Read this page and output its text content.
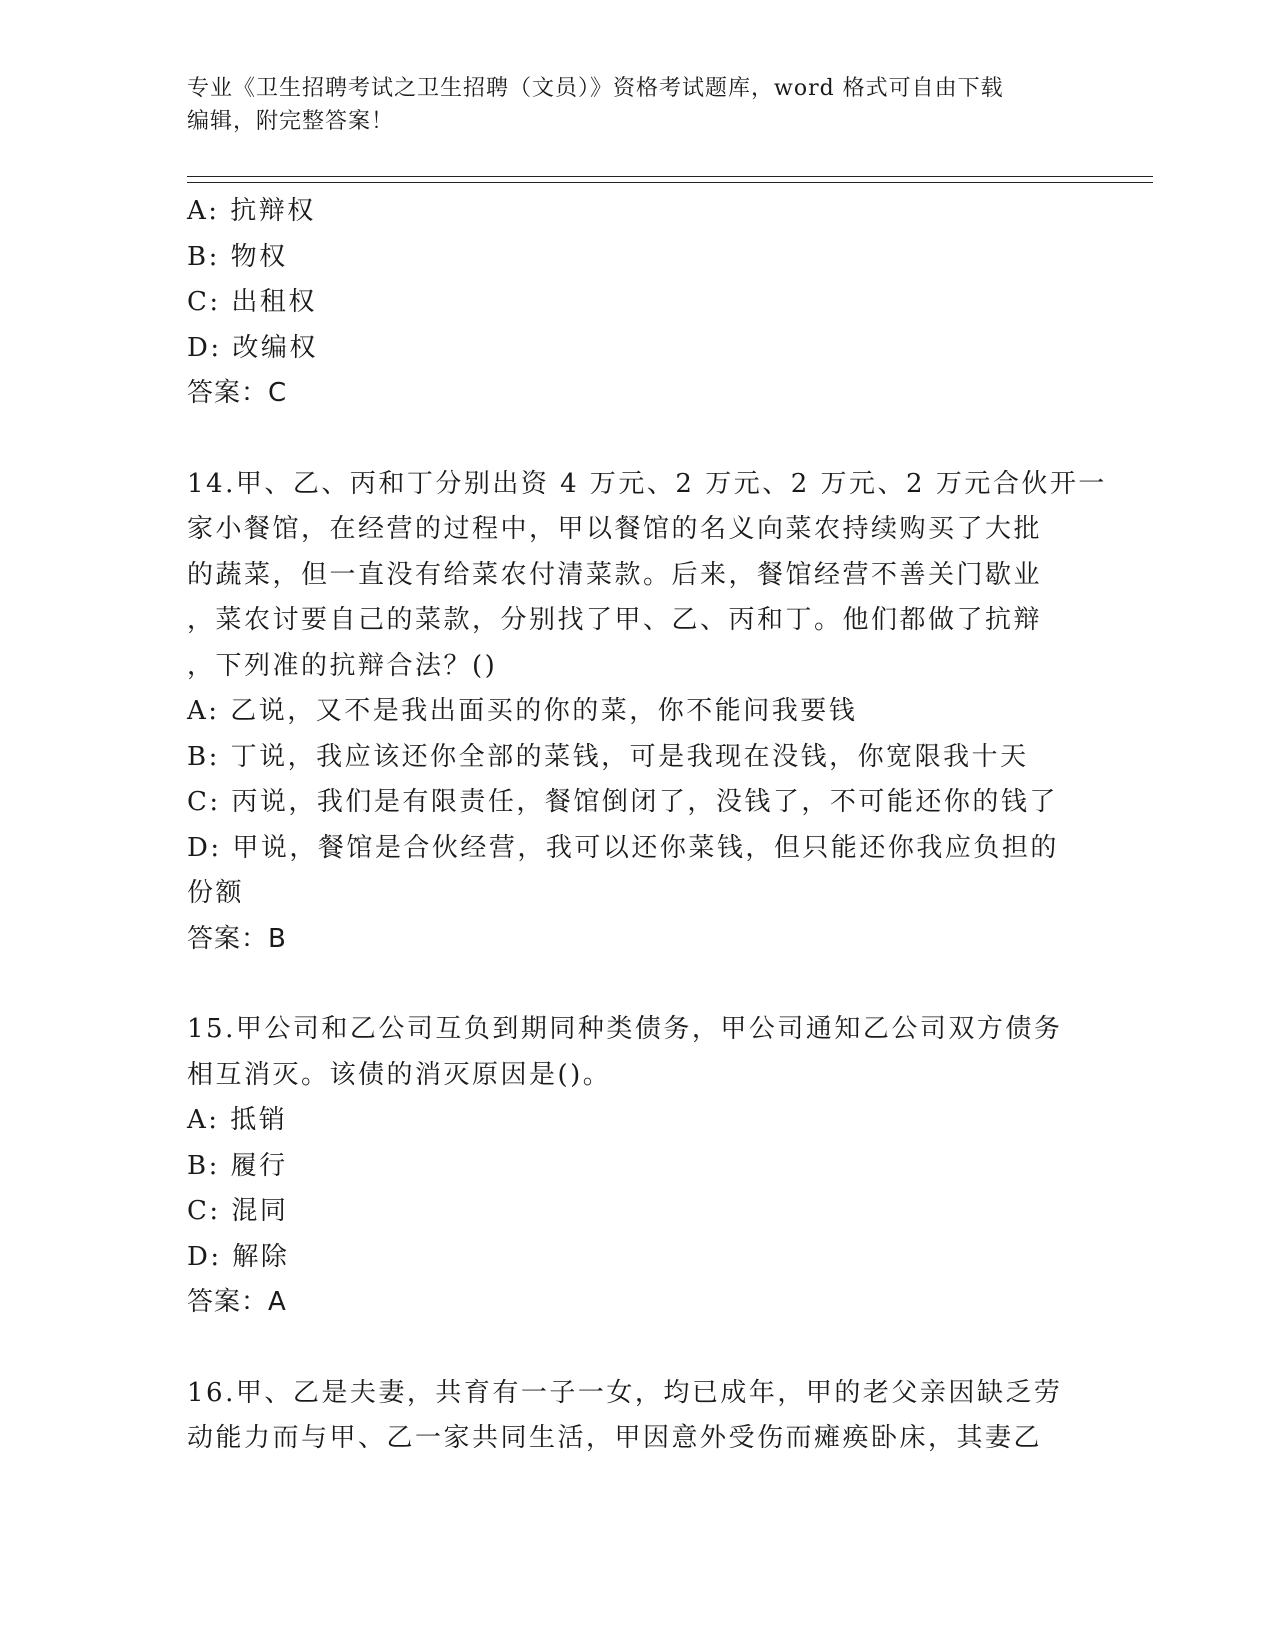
专业《卫生招聘考试之卫生招聘（文员）》资格考试题库，word 格式可自由下载
编辑，附完整答案！
A: 抗辩权
B: 物权
C: 出租权
D: 改编权
答案：C
14.甲、乙、丙和丁分别出资 4 万元、2 万元、2 万元、2 万元合伙开一
家小餐馆，在经营的过程中，甲以餐馆的名义向菜农持续购买了大批
的蔬菜，但一直没有给菜农付清菜款。后来，餐馆经营不善关门歇业
，菜农讨要自己的菜款，分别找了甲、乙、丙和丁。他们都做了抗辩
，下列准的抗辩合法？()
A: 乙说，又不是我出面买的你的菜，你不能问我要钱
B: 丁说，我应该还你全部的菜钱，可是我现在没钱，你宽限我十天
C: 丙说，我们是有限责任，餐馆倒闭了，没钱了，不可能还你的钱了
D: 甲说，餐馆是合伙经营，我可以还你菜钱，但只能还你我应负担的
份额
答案：B
15.甲公司和乙公司互负到期同种类债务，甲公司通知乙公司双方债务
相互消灭。该债的消灭原因是()。
A: 抵销
B: 履行
C: 混同
D: 解除
答案：A
16.甲、乙是夫妻，共育有一子一女，均已成年，甲的老父亲因缺乏劳
动能力而与甲、乙一家共同生活，甲因意外受伤而瘫痪卧床，其妻乙
